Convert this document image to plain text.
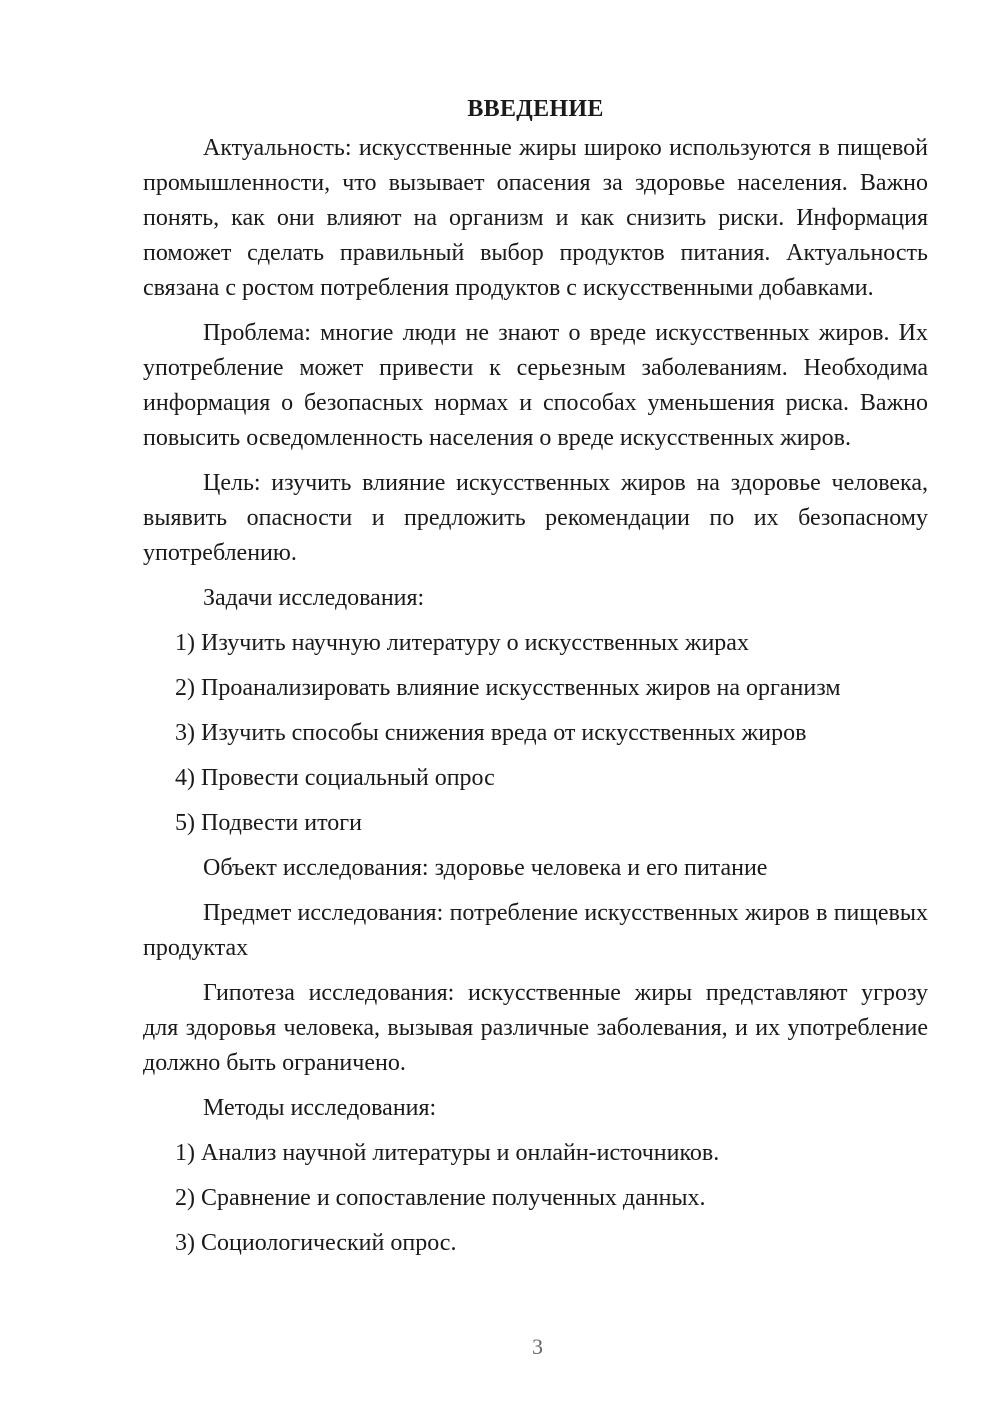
ВВЕДЕНИЕ

Актуальность: искусственные жиры широко используются в пищевой промышленности, что вызывает опасения за здоровье населения. Важно понять, как они влияют на организм и как снизить риски. Информация поможет сделать правильный выбор продуктов питания. Актуальность связана с ростом потребления продуктов с искусственными добавками.

Проблема: многие люди не знают о вреде искусственных жиров. Их употребление может привести к серьезным заболеваниям. Необходима информация о безопасных нормах и способах уменьшения риска. Важно повысить осведомленность населения о вреде искусственных жиров.

Цель: изучить влияние искусственных жиров на здоровье человека, выявить опасности и предложить рекомендации по их безопасному употреблению.

Задачи исследования:

1) Изучить научную литературу о искусственных жирах

2) Проанализировать влияние искусственных жиров на организм

3) Изучить способы снижения вреда от искусственных жиров

4) Провести социальный опрос

5) Подвести итоги

Объект исследования: здоровье человека и его питание

Предмет исследования: потребление искусственных жиров в пищевых продуктах

Гипотеза исследования: искусственные жиры представляют угрозу для здоровья человека, вызывая различные заболевания, и их употребление должно быть ограничено.

Методы исследования:

1) Анализ научной литературы и онлайн-источников.

2) Сравнение и сопоставление полученных данных.

3) Социологический опрос.

3
